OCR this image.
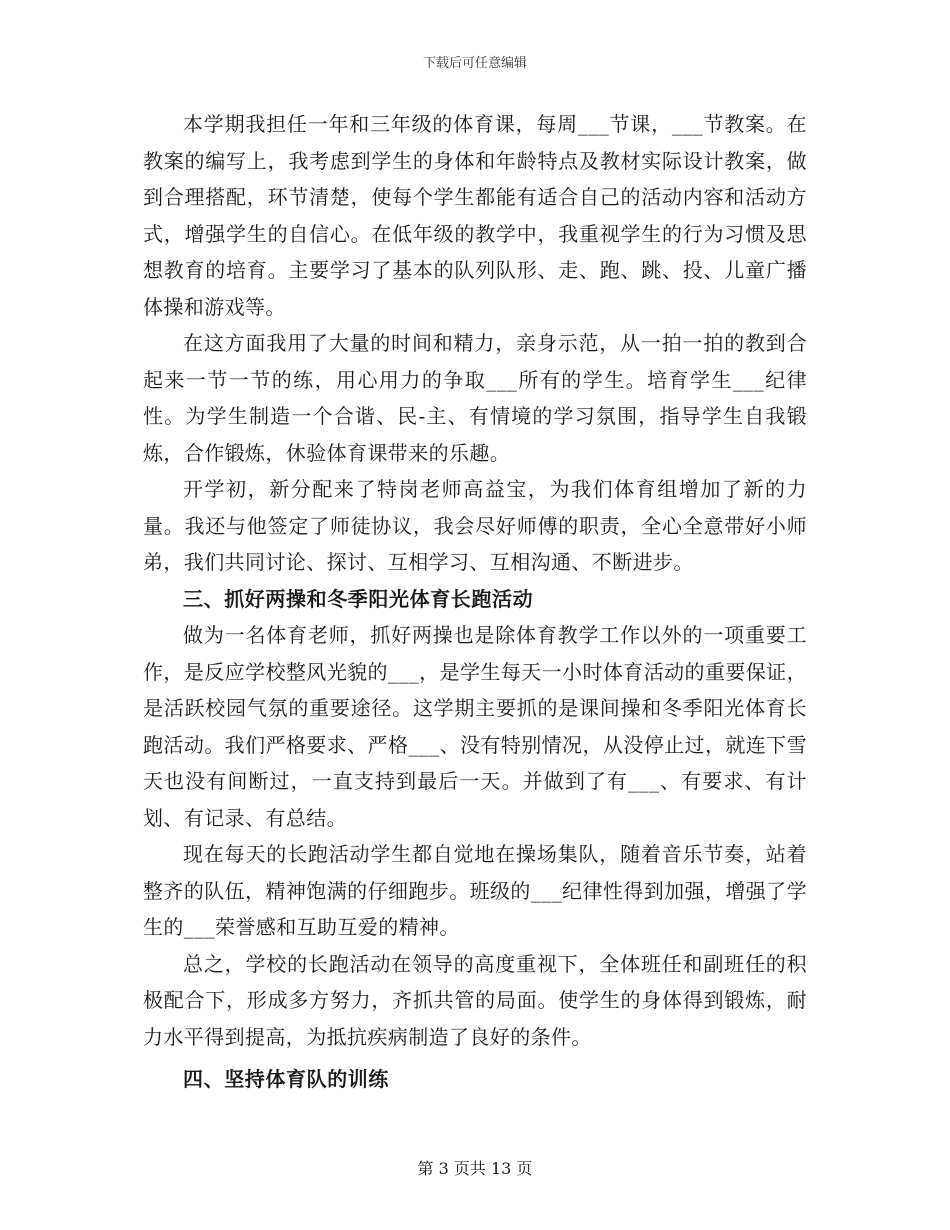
下载后可任意编辑

本学期我担任一年和三年级的体育课，每周___节课，___节教案。在教案的编写上，我考虑到学生的身体和年龄特点及教材实际设计教案，做到合理搭配，环节清楚，使每个学生都能有适合自己的活动内容和活动方式，增强学生的自信心。在低年级的教学中，我重视学生的行为习惯及思想教育的培育。主要学习了基本的队列队形、走、跑、跳、投、儿童广播体操和游戏等。

在这方面我用了大量的时间和精力，亲身示范，从一拍一拍的教到合起来一节一节的练，用心用力的争取___所有的学生。培育学生___纪律性。为学生制造一个合谐、民-主、有情境的学习氛围，指导学生自我锻炼，合作锻炼，休验体育课带来的乐趣。

开学初，新分配来了特岗老师高益宝，为我们体育组增加了新的力量。我还与他签定了师徒协议，我会尽好师傅的职责，全心全意带好小师弟，我们共同讨论、探讨、互相学习、互相沟通、不断进步。

三、抓好两操和冬季阳光体育长跑活动

做为一名体育老师，抓好两操也是除体育教学工作以外的一项重要工作，是反应学校整风光貌的___，是学生每天一小时体育活动的重要保证，是活跃校园气氛的重要途径。这学期主要抓的是课间操和冬季阳光体育长跑活动。我们严格要求、严格___、没有特别情况，从没停止过，就连下雪天也没有间断过，一直支持到最后一天。并做到了有___、有要求、有计划、有记录、有总结。

现在每天的长跑活动学生都自觉地在操场集队，随着音乐节奏，站着整齐的队伍，精神饱满的仔细跑步。班级的___纪律性得到加强，增强了学生的___荣誉感和互助互爱的精神。

总之，学校的长跑活动在领导的高度重视下，全体班任和副班任的积极配合下，形成多方努力，齐抓共管的局面。使学生的身体得到锻炼，耐力水平得到提高，为抵抗疾病制造了良好的条件。

四、坚持体育队的训练

第 3 页共 13 页
